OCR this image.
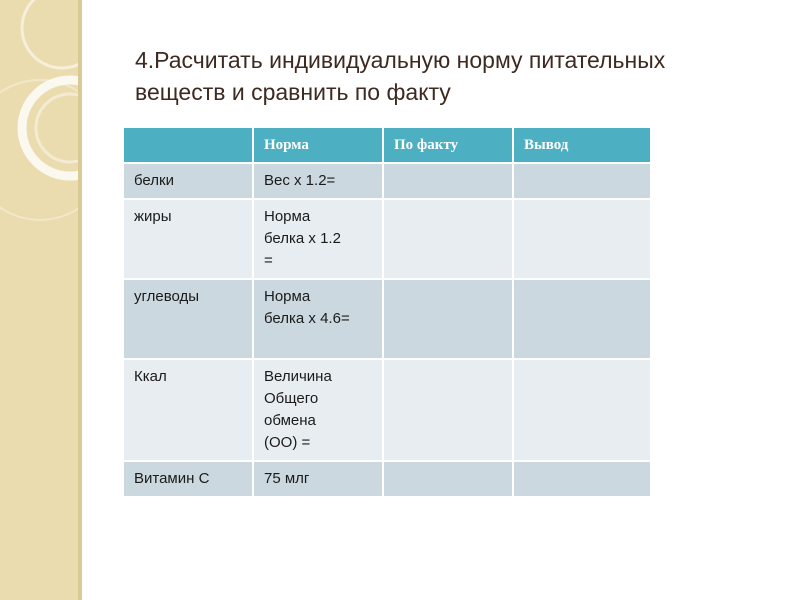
4.Расчитать индивидуальную норму питательных
веществ и сравнить по факту
	Норма	По факту	Вывод
белки	Вес х 1.2=		
жиры	Норма
белка х 1.2
=		
углеводы	Норма
белка х 4.6=		
Ккал	Величина
Общего
обмена
(ОО) =		
Витамин С	75 млг		
